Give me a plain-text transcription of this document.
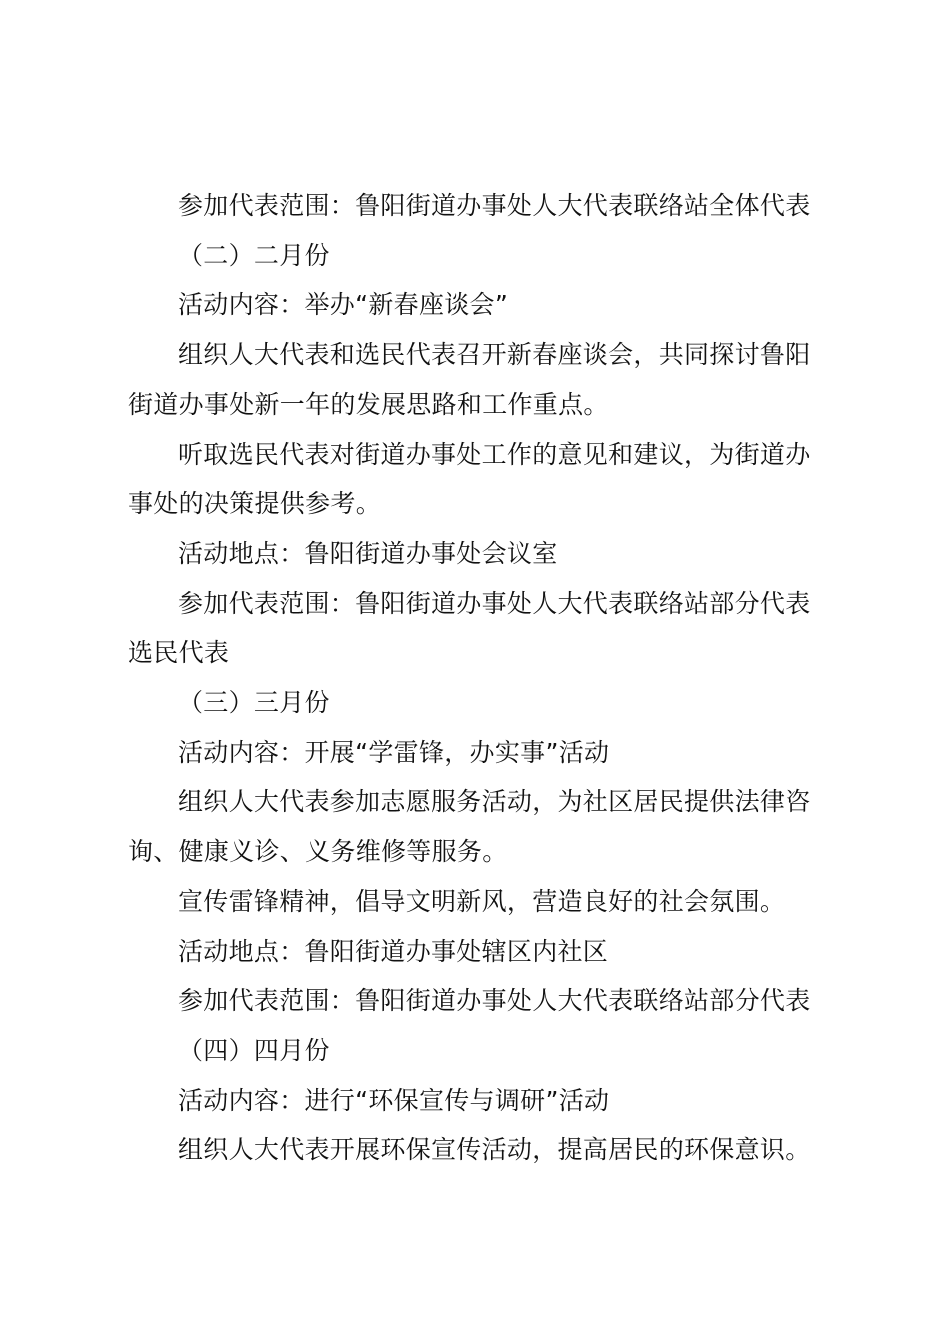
参加代表范围：鲁阳街道办事处人大代表联络站全体代表

（二）二月份

活动内容：举办“新春座谈会”

组织人大代表和选民代表召开新春座谈会，共同探讨鲁阳
街道办事处新一年的发展思路和工作重点。

听取选民代表对街道办事处工作的意见和建议，为街道办
事处的决策提供参考。

活动地点：鲁阳街道办事处会议室

参加代表范围：鲁阳街道办事处人大代表联络站部分代表
选民代表

（三）三月份

活动内容：开展“学雷锋，办实事”活动

组织人大代表参加志愿服务活动，为社区居民提供法律咨
询、健康义诊、义务维修等服务。

宣传雷锋精神，倡导文明新风，营造良好的社会氛围。

活动地点：鲁阳街道办事处辖区内社区

参加代表范围：鲁阳街道办事处人大代表联络站部分代表

（四）四月份

活动内容：进行“环保宣传与调研”活动

组织人大代表开展环保宣传活动，提高居民的环保意识。
